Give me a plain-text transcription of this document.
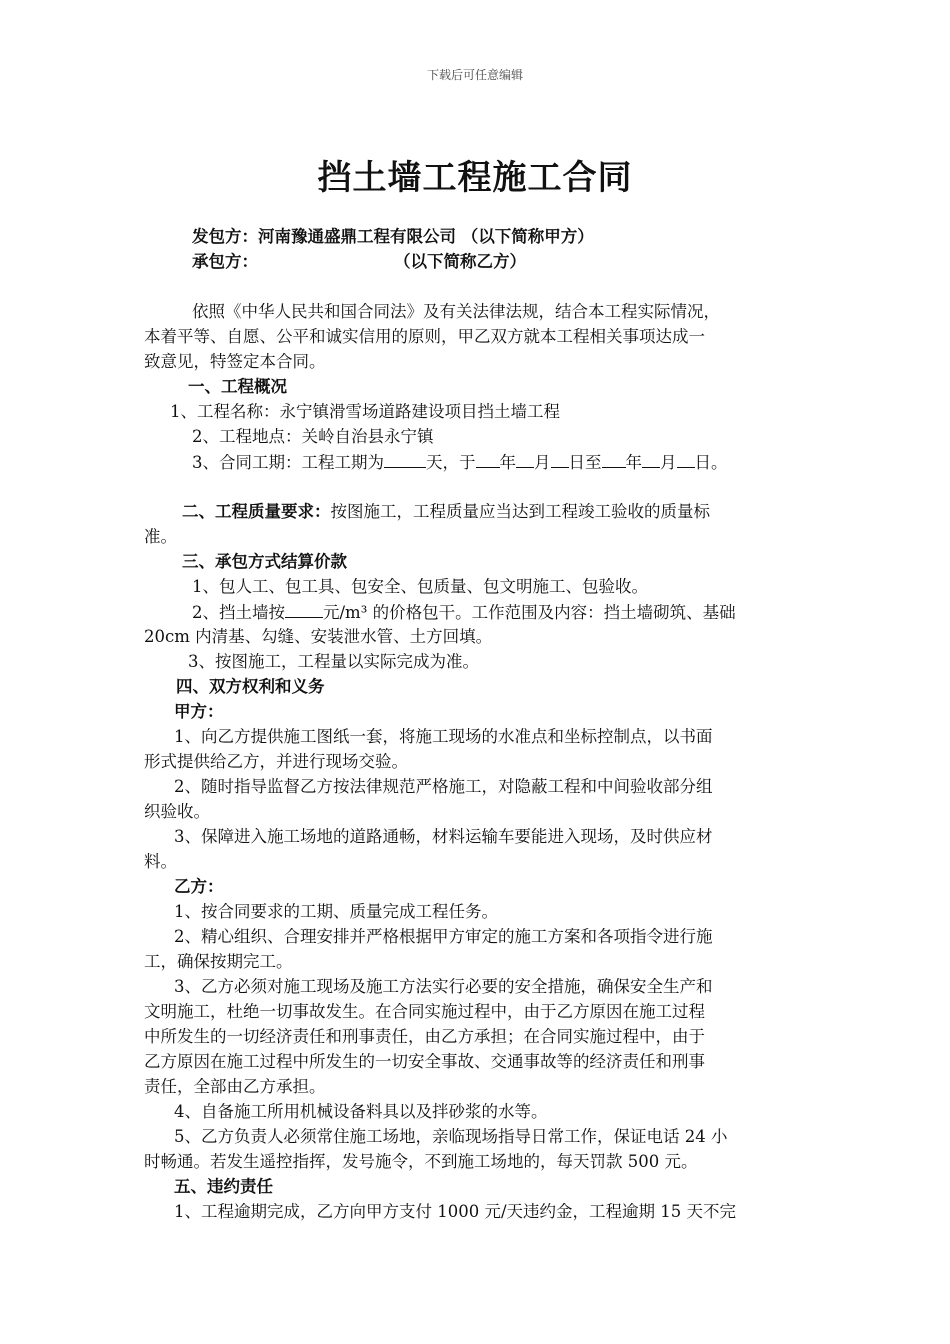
下载后可任意编辑
挡土墙工程施工合同
发包方：河南豫通盛鼎工程有限公司 （以下简称甲方）
承包方：	（以下简称乙方）
依照《中华人民共和国合同法》及有关法律法规，结合本工程实际情况，
本着平等、自愿、公平和诚实信用的原则，甲乙双方就本工程相关事项达成一
致意见，特签定本合同。
一、工程概况
1、工程名称：永宁镇滑雪场道路建设项目挡土墙工程
2、工程地点：关岭自治县永宁镇
3、合同工期：工程工期为	天，于 年 月 日至 年 月 日。
二、工程质量要求：按图施工，工程质量应当达到工程竣工验收的质量标
准。
三、承包方式结算价款
1、包人工、包工具、包安全、包质量、包文明施工、包验收。
2、挡土墙按 元/m³ 的价格包干。工作范围及内容：挡土墙砌筑、基础
20cm 内清基、勾缝、安装泄水管、土方回填。
3、按图施工，工程量以实际完成为准。
四、双方权利和义务
甲方：
1、向乙方提供施工图纸一套，将施工现场的水准点和坐标控制点，以书面
形式提供给乙方，并进行现场交验。
2、随时指导监督乙方按法律规范严格施工，对隐蔽工程和中间验收部分组
织验收。
3、保障进入施工场地的道路通畅，材料运输车要能进入现场，及时供应材
料。
乙方：
1、按合同要求的工期、质量完成工程任务。
2、精心组织、合理安排并严格根据甲方审定的施工方案和各项指令进行施
工，确保按期完工。
3、乙方必须对施工现场及施工方法实行必要的安全措施，确保安全生产和
文明施工，杜绝一切事故发生。在合同实施过程中，由于乙方原因在施工过程
中所发生的一切经济责任和刑事责任，由乙方承担；在合同实施过程中，由于
乙方原因在施工过程中所发生的一切安全事故、交通事故等的经济责任和刑事
责任，全部由乙方承担。
4、自备施工所用机械设备料具以及拌砂浆的水等。
5、乙方负责人必须常住施工场地，亲临现场指导日常工作，保证电话 24 小
时畅通。若发生遥控指挥，发号施令，不到施工场地的，每天罚款 500 元。
五、违约责任
1、工程逾期完成，乙方向甲方支付 1000 元/天违约金，工程逾期 15 天不完
